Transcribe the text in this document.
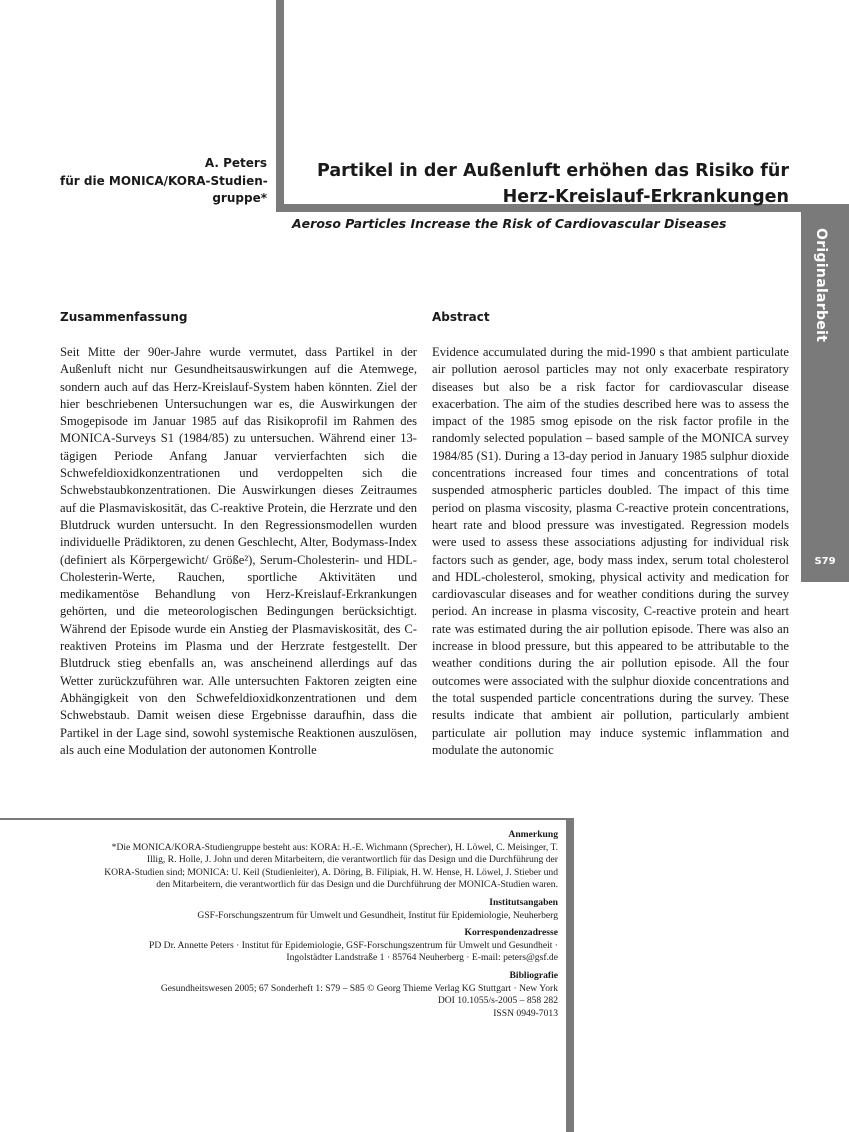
Originalarbeit
S79
A. Peters
für die MONICA/KORA-Studien-
gruppe*
Partikel in der Außenluft erhöhen das Risiko für
Herz-Kreislauf-Erkrankungen
Aeroso Particles Increase the Risk of Cardiovascular Diseases
Zusammenfassung
Seit Mitte der 90er-Jahre wurde vermutet, dass Partikel in der Außenluft nicht nur Gesundheitsauswirkungen auf die Atemwege, sondern auch auf das Herz-Kreislauf-System haben könnten. Ziel der hier beschriebenen Untersuchungen war es, die Auswirkungen der Smogepisode im Januar 1985 auf das Risikoprofil im Rahmen des MONICA-Surveys S1 (1984/85) zu untersuchen. Während einer 13-tägigen Periode Anfang Januar vervierfachten sich die Schwefeldioxidkonzentrationen und verdoppelten sich die Schwebstaubkonzentrationen. Die Auswirkungen dieses Zeitraumes auf die Plasmaviskosität, das C-reaktive Protein, die Herzrate und den Blutdruck wurden untersucht. In den Regressionsmodellen wurden individuelle Prädiktoren, zu denen Geschlecht, Alter, Bodymass-Index (definiert als Körpergewicht/ Größe²), Serum-Cholesterin- und HDL-Cholesterin-Werte, Rauchen, sportliche Aktivitäten und medikamentöse Behandlung von Herz-Kreislauf-Erkrankungen gehörten, und die meteorologischen Bedingungen berücksichtigt. Während der Episode wurde ein Anstieg der Plasmaviskosität, des C-reaktiven Proteins im Plasma und der Herzrate festgestellt. Der Blutdruck stieg ebenfalls an, was anscheinend allerdings auf das Wetter zurückzuführen war. Alle untersuchten Faktoren zeigten eine Abhängigkeit von den Schwefeldioxidkonzentrationen und dem Schwebstaub. Damit weisen diese Ergebnisse daraufhin, dass die Partikel in der Lage sind, sowohl systemische Reaktionen auszulösen, als auch eine Modulation der autonomen Kontrolle
Abstract
Evidence accumulated during the mid-1990 s that ambient particulate air pollution aerosol particles may not only exacerbate respiratory diseases but also be a risk factor for cardiovascular disease exacerbation. The aim of the studies described here was to assess the impact of the 1985 smog episode on the risk factor profile in the randomly selected population – based sample of the MONICA survey 1984/85 (S1). During a 13-day period in January 1985 sulphur dioxide concentrations increased four times and concentrations of total suspended atmospheric particles doubled. The impact of this time period on plasma viscosity, plasma C-reactive protein concentrations, heart rate and blood pressure was investigated. Regression models were used to assess these associations adjusting for individual risk factors such as gender, age, body mass index, serum total cholesterol and HDL-cholesterol, smoking, physical activity and medication for cardiovascular diseases and for weather conditions during the survey period. An increase in plasma viscosity, C-reactive protein and heart rate was estimated during the air pollution episode. There was also an increase in blood pressure, but this appeared to be attributable to the weather conditions during the air pollution episode. All the four outcomes were associated with the sulphur dioxide concentrations and the total suspended particle concentrations during the survey. These results indicate that ambient air pollution, particularly ambient particulate air pollution may induce systemic inflammation and modulate the autonomic
Anmerkung
*Die MONICA/KORA-Studiengruppe besteht aus: KORA: H.-E. Wichmann (Sprecher), H. Löwel, C. Meisinger, T.
Illig, R. Holle, J. John und deren Mitarbeitern, die verantwortlich für das Design und die Durchführung der
KORA-Studien sind; MONICA: U. Keil (Studienleiter), A. Döring, B. Filipiak, H. W. Hense, H. Löwel, J. Stieber und
den Mitarbeitern, die verantwortlich für das Design und die Durchführung der MONICA-Studien waren.
Institutsangaben
GSF-Forschungszentrum für Umwelt und Gesundheit, Institut für Epidemiologie, Neuherberg
Korrespondenzadresse
PD Dr. Annette Peters · Institut für Epidemiologie, GSF-Forschungszentrum für Umwelt und Gesundheit ·
Ingolstädter Landstraße 1 · 85764 Neuherberg · E-mail: peters@gsf.de
Bibliografie
Gesundheitswesen 2005; 67 Sonderheft 1: S79 – S85 © Georg Thieme Verlag KG Stuttgart · New York
DOI 10.1055/s-2005 – 858 282
ISSN 0949-7013
